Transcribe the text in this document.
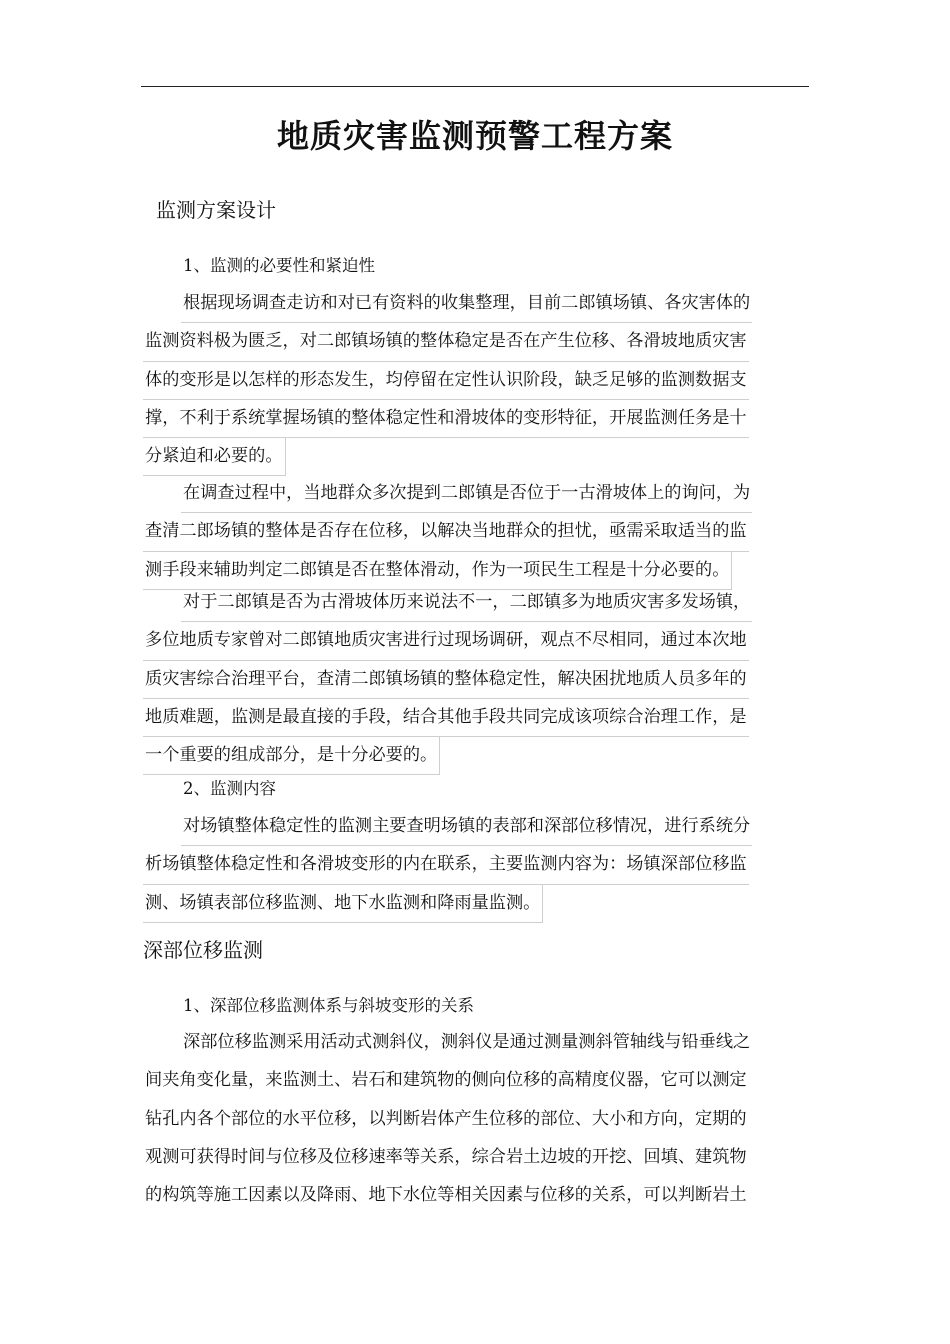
地质灾害监测预警工程方案
监测方案设计
1、监测的必要性和紧迫性
根据现场调查走访和对已有资料的收集整理，目前二郎镇场镇、各灾害体的
监测资料极为匮乏，对二郎镇场镇的整体稳定是否在产生位移、各滑坡地质灾害
体的变形是以怎样的形态发生，均停留在定性认识阶段，缺乏足够的监测数据支
撑，不利于系统掌握场镇的整体稳定性和滑坡体的变形特征，开展监测任务是十
分紧迫和必要的。
在调查过程中，当地群众多次提到二郎镇是否位于一古滑坡体上的询问，为
查清二郎场镇的整体是否存在位移，以解决当地群众的担忧，亟需采取适当的监
测手段来辅助判定二郎镇是否在整体滑动，作为一项民生工程是十分必要的。
对于二郎镇是否为古滑坡体历来说法不一，二郎镇多为地质灾害多发场镇，
多位地质专家曾对二郎镇地质灾害进行过现场调研，观点不尽相同，通过本次地
质灾害综合治理平台，查清二郎镇场镇的整体稳定性，解决困扰地质人员多年的
地质难题，监测是最直接的手段，结合其他手段共同完成该项综合治理工作，是
一个重要的组成部分，是十分必要的。
2、监测内容
对场镇整体稳定性的监测主要查明场镇的表部和深部位移情况，进行系统分
析场镇整体稳定性和各滑坡变形的内在联系，主要监测内容为：场镇深部位移监
测、场镇表部位移监测、地下水监测和降雨量监测。
深部位移监测
1、深部位移监测体系与斜坡变形的关系
深部位移监测采用活动式测斜仪，测斜仪是通过测量测斜管轴线与铅垂线之
间夹角变化量，来监测土、岩石和建筑物的侧向位移的高精度仪器，它可以测定
钻孔内各个部位的水平位移，以判断岩体产生位移的部位、大小和方向，定期的
观测可获得时间与位移及位移速率等关系，综合岩土边坡的开挖、回填、建筑物
的构筑等施工因素以及降雨、地下水位等相关因素与位移的关系，可以判断岩土
